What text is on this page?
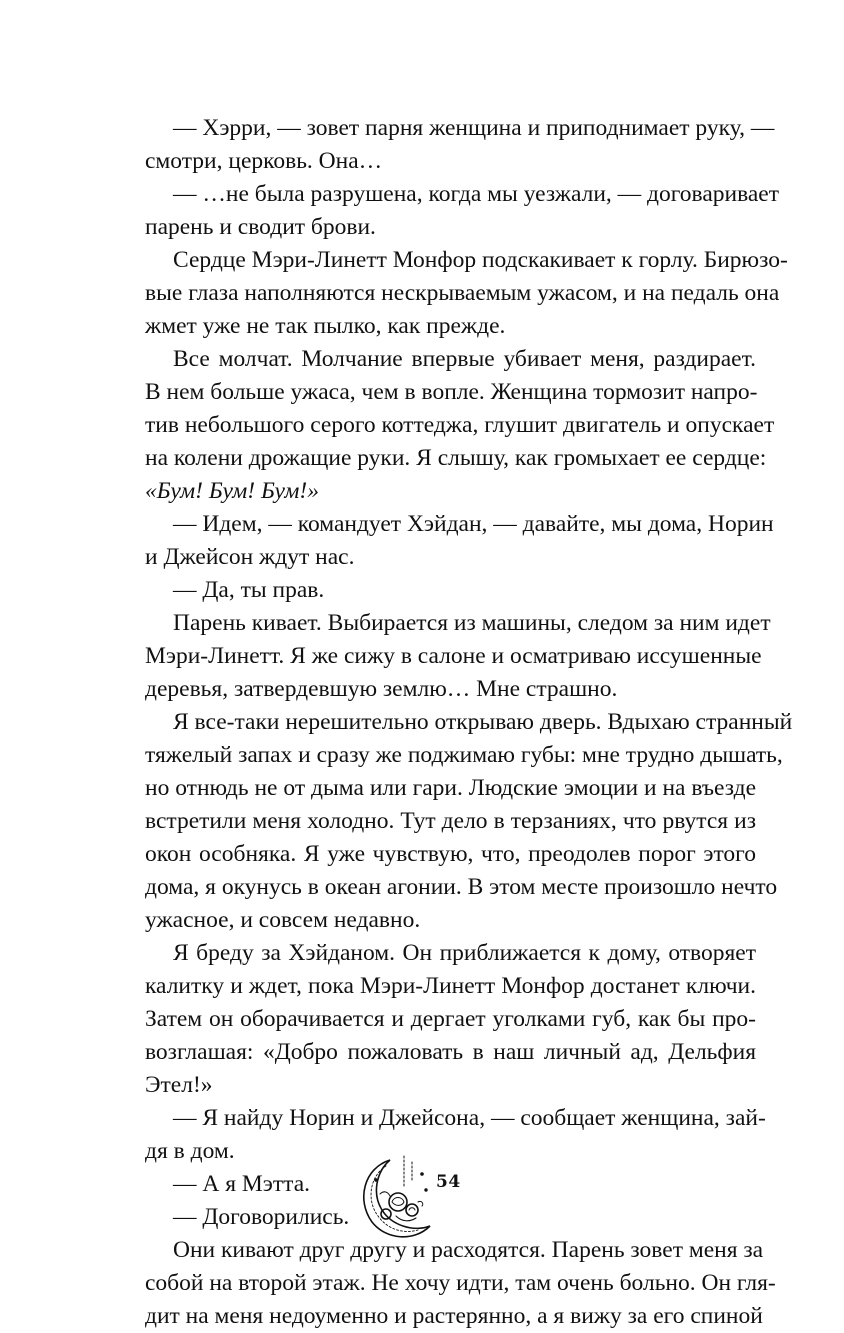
— Хэрри, — зовет парня женщина и приподнимает руку, —
смотри, церковь. Она…
— …не была разрушена, когда мы уезжали, — договаривает
парень и сводит брови.
Сердце Мэри-Линетт Монфор подскакивает к горлу. Бирюзо-
вые глаза наполняются нескрываемым ужасом, и на педаль она
жмет уже не так пылко, как прежде.
Все молчат. Молчание впервые убивает меня, раздирает.
В нем больше ужаса, чем в вопле. Женщина тормозит напро-
тив небольшого серого коттеджа, глушит двигатель и опускает
на колени дрожащие руки. Я слышу, как громыхает ее сердце:
«Бум! Бум! Бум!»
— Идем, — командует Хэйдан, — давайте, мы дома, Норин
и Джейсон ждут нас.
— Да, ты прав.
Парень кивает. Выбирается из машины, следом за ним идет
Мэри-Линетт. Я же сижу в салоне и осматриваю иссушенные
деревья, затвердевшую землю… Мне страшно.
Я все-таки нерешительно открываю дверь. Вдыхаю странный
тяжелый запах и сразу же поджимаю губы: мне трудно дышать,
но отнюдь не от дыма или гари. Людские эмоции и на въезде
встретили меня холодно. Тут дело в терзаниях, что рвутся из
окон особняка. Я уже чувствую, что, преодолев порог этого
дома, я окунусь в океан агонии. В этом месте произошло нечто
ужасное, и совсем недавно.
Я бреду за Хэйданом. Он приближается к дому, отворяет
калитку и ждет, пока Мэри-Линетт Монфор достанет ключи.
Затем он оборачивается и дергает уголками губ, как бы про-
возглашая: «Добро пожаловать в наш личный ад, Дельфия
Этел!»
— Я найду Норин и Джейсона, — сообщает женщина, зай-
дя в дом.
— А я Мэтта.
— Договорились.
Они кивают друг другу и расходятся. Парень зовет меня за
собой на второй этаж. Не хочу идти, там очень больно. Он гля-
дит на меня недоуменно и растерянно, а я вижу за его спиной
54
